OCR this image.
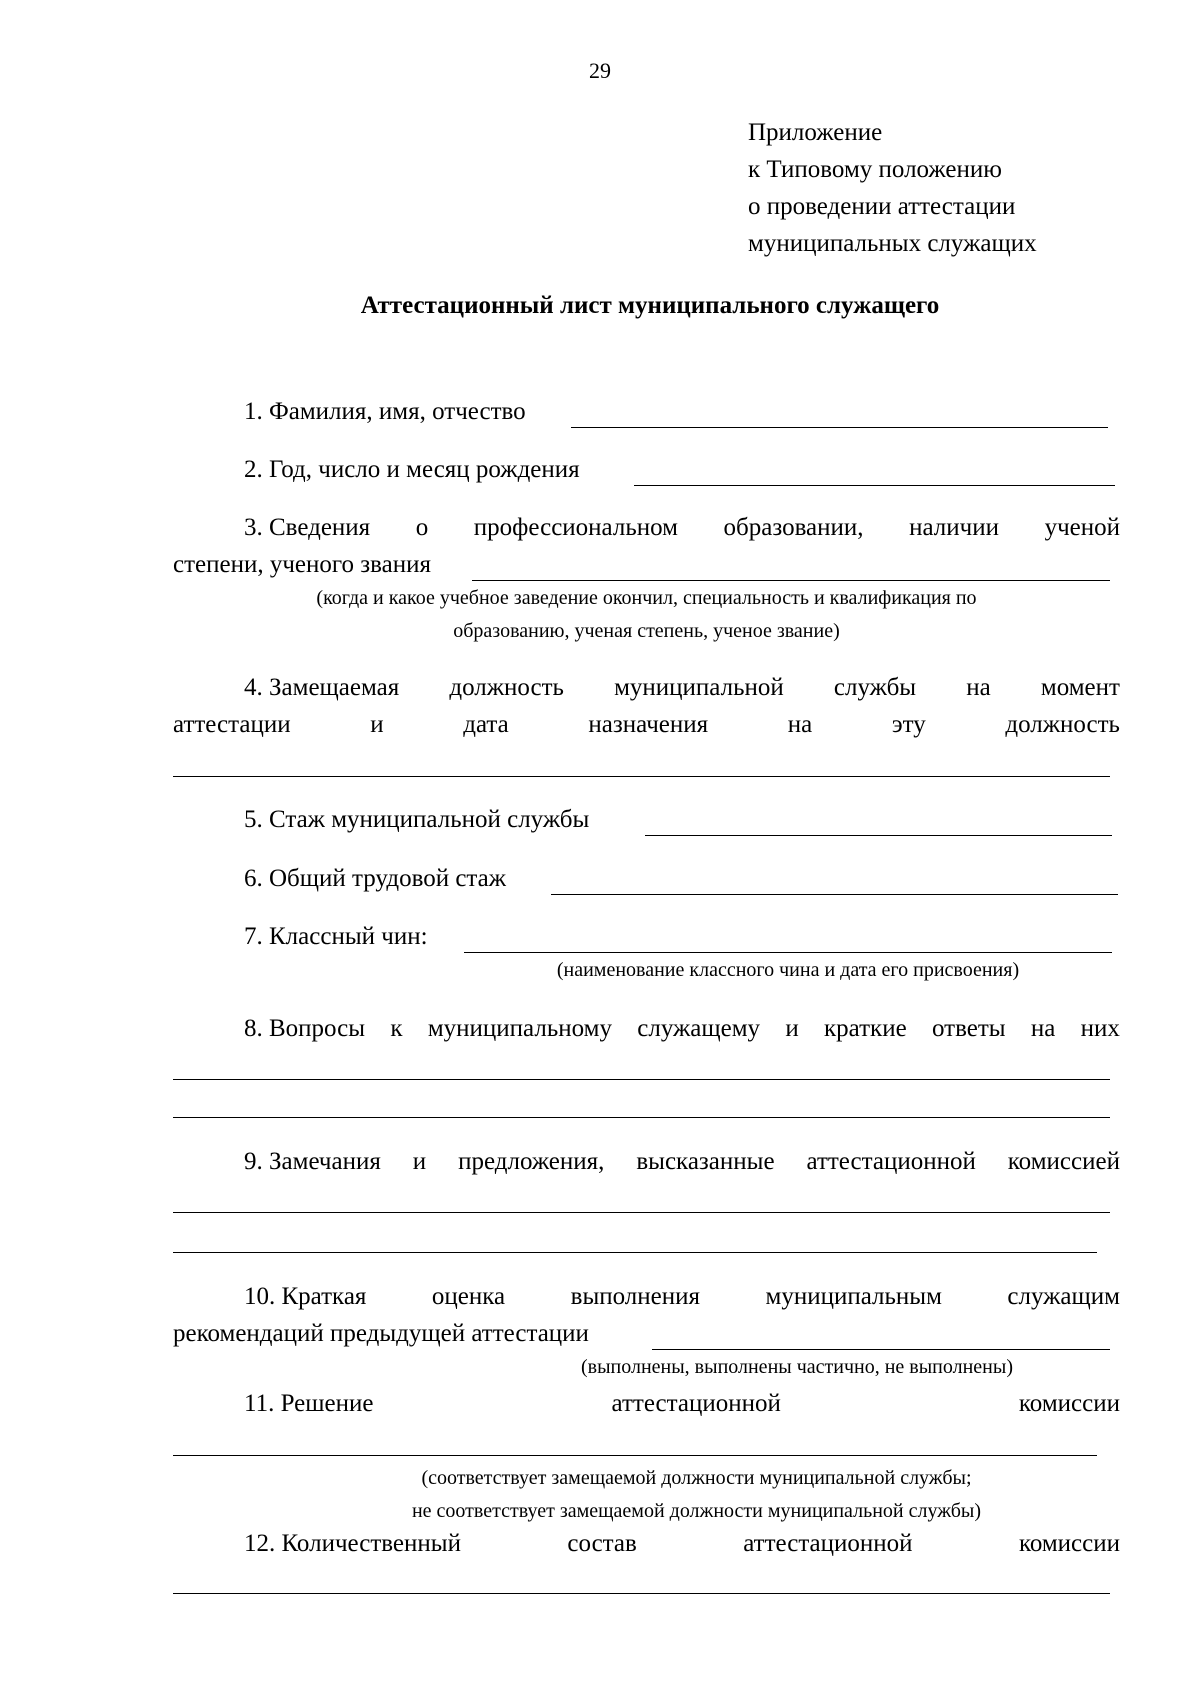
29
Приложение
к Типовому положению
о проведении аттестации
муниципальных служащих
Аттестационный лист муниципального служащего
1. Фамилия, имя, отчество
2. Год, число и месяц рождения
3. Сведения о профессиональном образовании, наличии ученой
степени, ученого звания
(когда и какое учебное заведение окончил, специальность и квалификация по
образованию, ученая степень, ученое звание)
4. Замещаемая должность муниципальной службы на момент
аттестации	и	дата	назначения	на	эту	должность
5. Стаж муниципальной службы
6. Общий трудовой стаж
7. Классный чин:
(наименование классного чина и дата его присвоения)
8. Вопросы к муниципальному служащему и краткие ответы на них
9. Замечания и предложения, высказанные аттестационной комиссией
10. Краткая	оценка	выполнения	муниципальным	служащим
рекомендаций предыдущей аттестации
(выполнены, выполнены частично, не выполнены)
11. Решение	аттестационной	комиссии
(соответствует замещаемой должности муниципальной службы;
не соответствует замещаемой должности муниципальной службы)
12. Количественный	состав	аттестационной	комиссии
